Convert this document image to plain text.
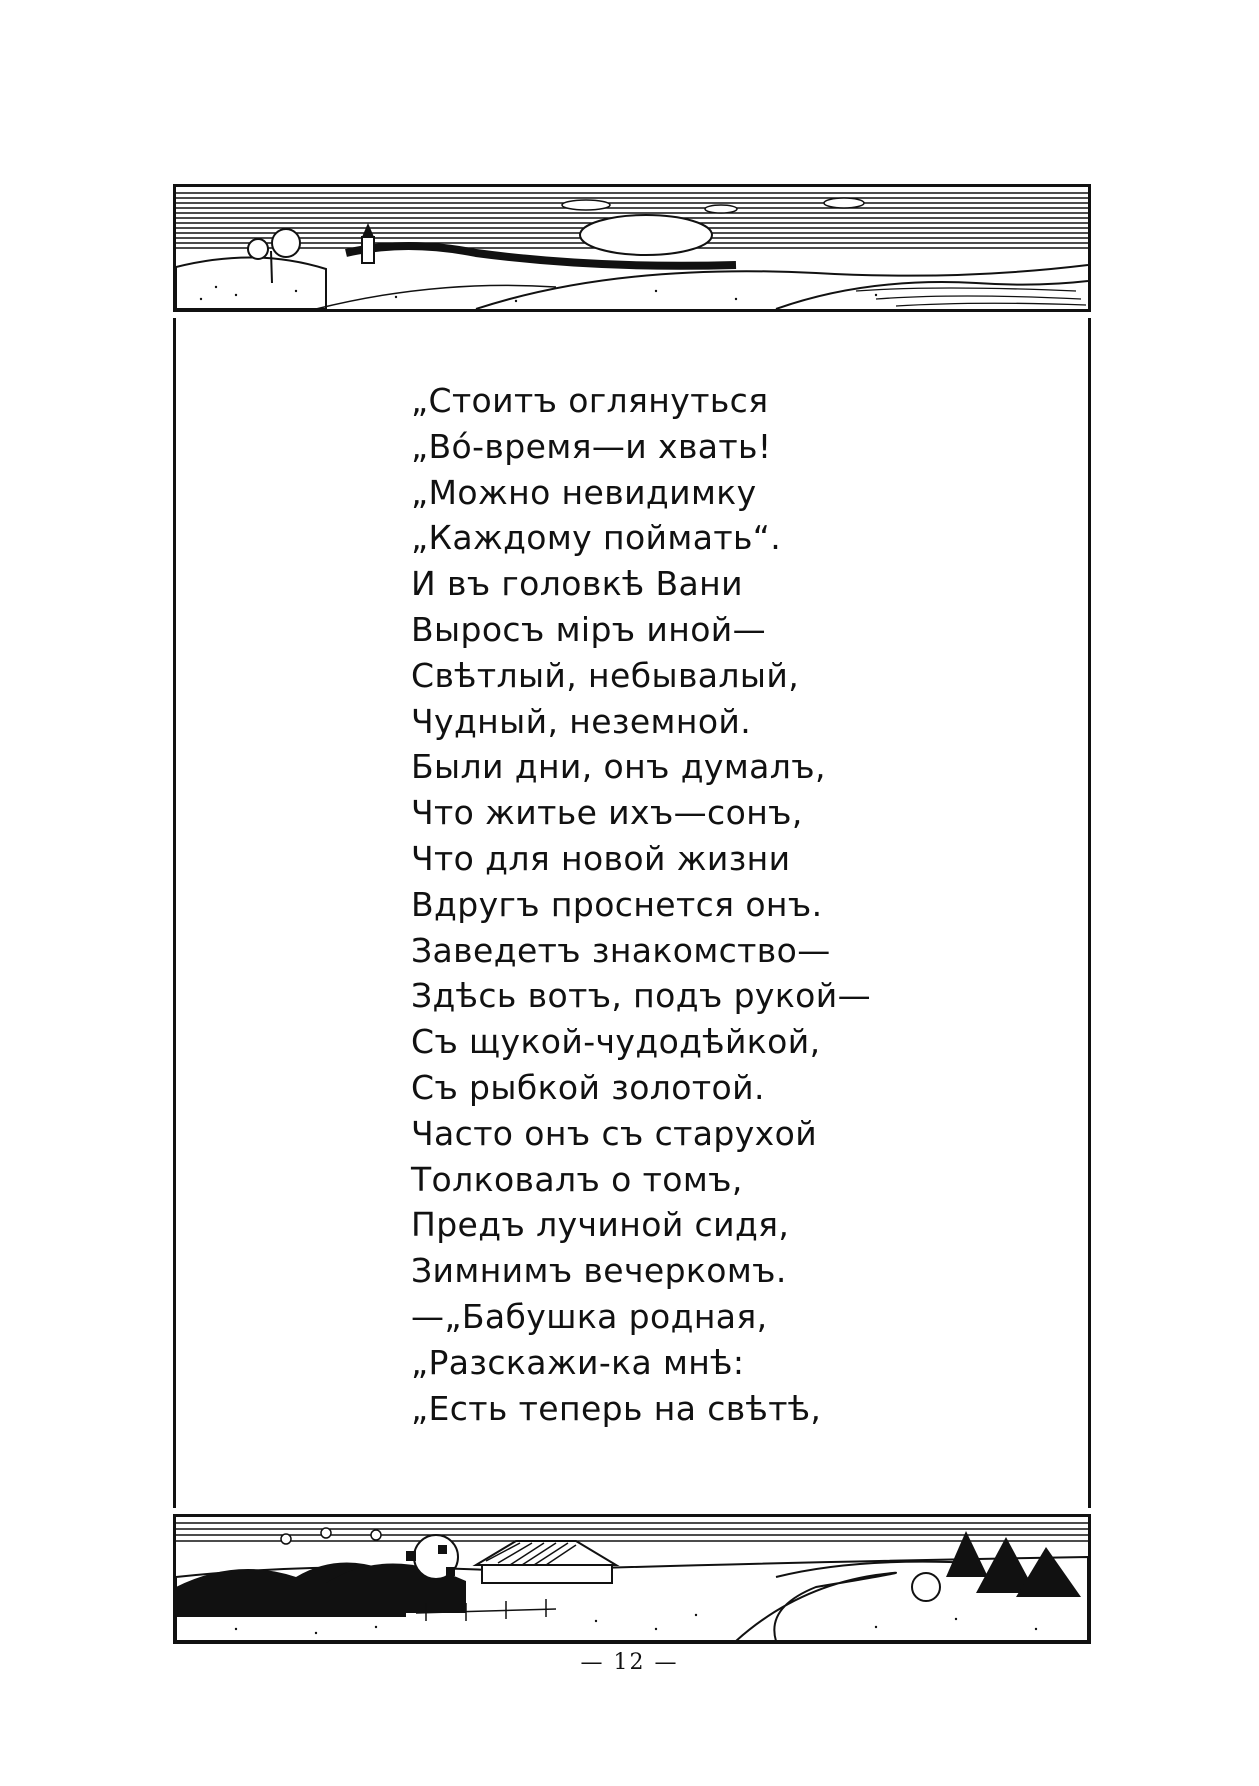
„Стоитъ оглянуться
„Во́-время—и хвать!
„Можно невидимку
„Каждому поймать“.
И въ головкѣ Вани
Выросъ міръ иной—
Свѣтлый, небывалый,
Чудный, неземной.
Были дни, онъ думалъ,
Что житье ихъ—сонъ,
Что для новой жизни
Вдругъ проснется онъ.
Заведетъ знакомство—
Здѣсь вотъ, подъ рукой—
Съ щукой-чудодѣйкой,
Съ рыбкой золотой.
Часто онъ съ старухой
Толковалъ о томъ,
Предъ лучиной сидя,
Зимнимъ вечеркомъ.
—„Бабушка родная,
„Разскажи-ка мнѣ:
„Есть теперь на свѣтѣ,
— 12 —
